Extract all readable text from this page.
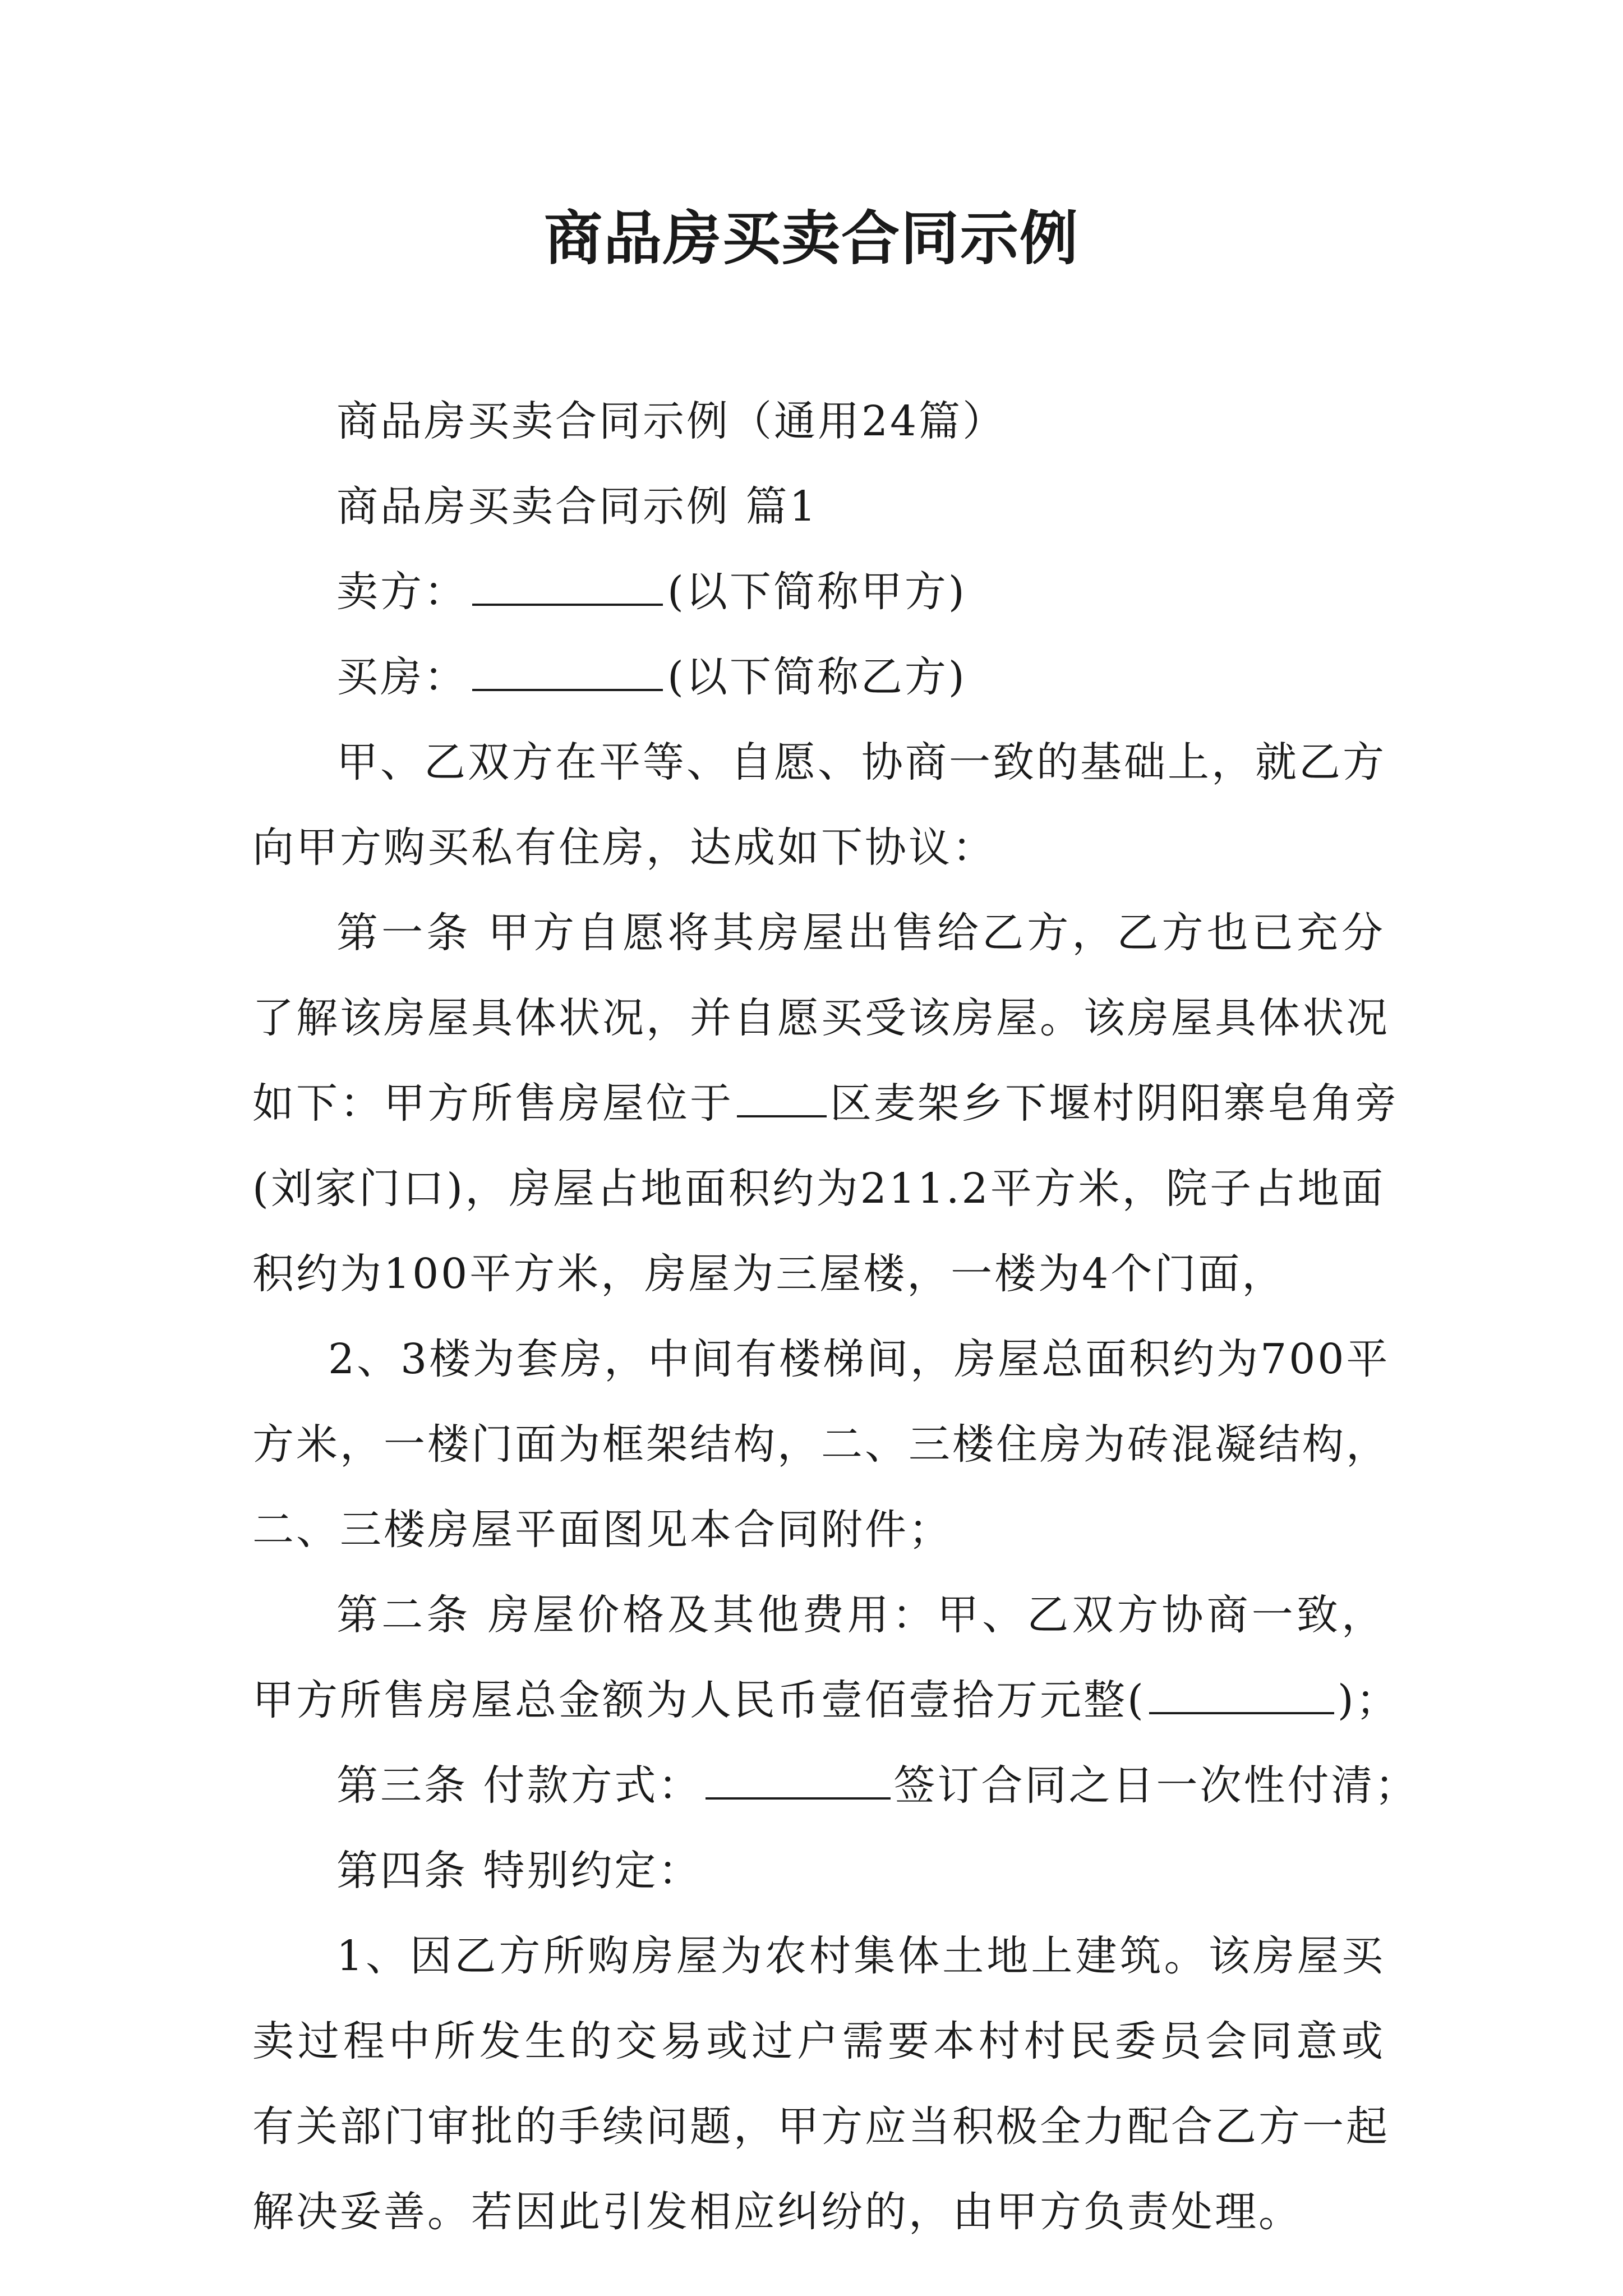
商品房买卖合同示例
商品房买卖合同示例（通用24篇）
商品房买卖合同示例 篇1
卖方：	(以下简称甲方)
买房：	(以下简称乙方)
甲、乙双方在平等、自愿、协商一致的基础上，就乙方
向甲方购买私有住房，达成如下协议：
第一条 甲方自愿将其房屋出售给乙方，乙方也已充分
了解该房屋具体状况，并自愿买受该房屋。该房屋具体状况
如下：甲方所售房屋位于 区麦架乡下堰村阴阳寨皂角旁
(刘家门口)，房屋占地面积约为211.2平方米，院子占地面
积约为100平方米，房屋为三屋楼，一楼为4个门面，
2、3楼为套房，中间有楼梯间，房屋总面积约为700平
方米，一楼门面为框架结构，二、三楼住房为砖混凝结构，
二、三楼房屋平面图见本合同附件；
第二条 房屋价格及其他费用：甲、乙双方协商一致，
甲方所售房屋总金额为人民币壹佰壹拾万元整(	)；
第三条 付款方式：	签订合同之日一次性付清；
第四条 特别约定：
1、因乙方所购房屋为农村集体土地上建筑。该房屋买
卖过程中所发生的交易或过户需要本村村民委员会同意或
有关部门审批的手续问题，甲方应当积极全力配合乙方一起
解决妥善。若因此引发相应纠纷的，由甲方负责处理。
